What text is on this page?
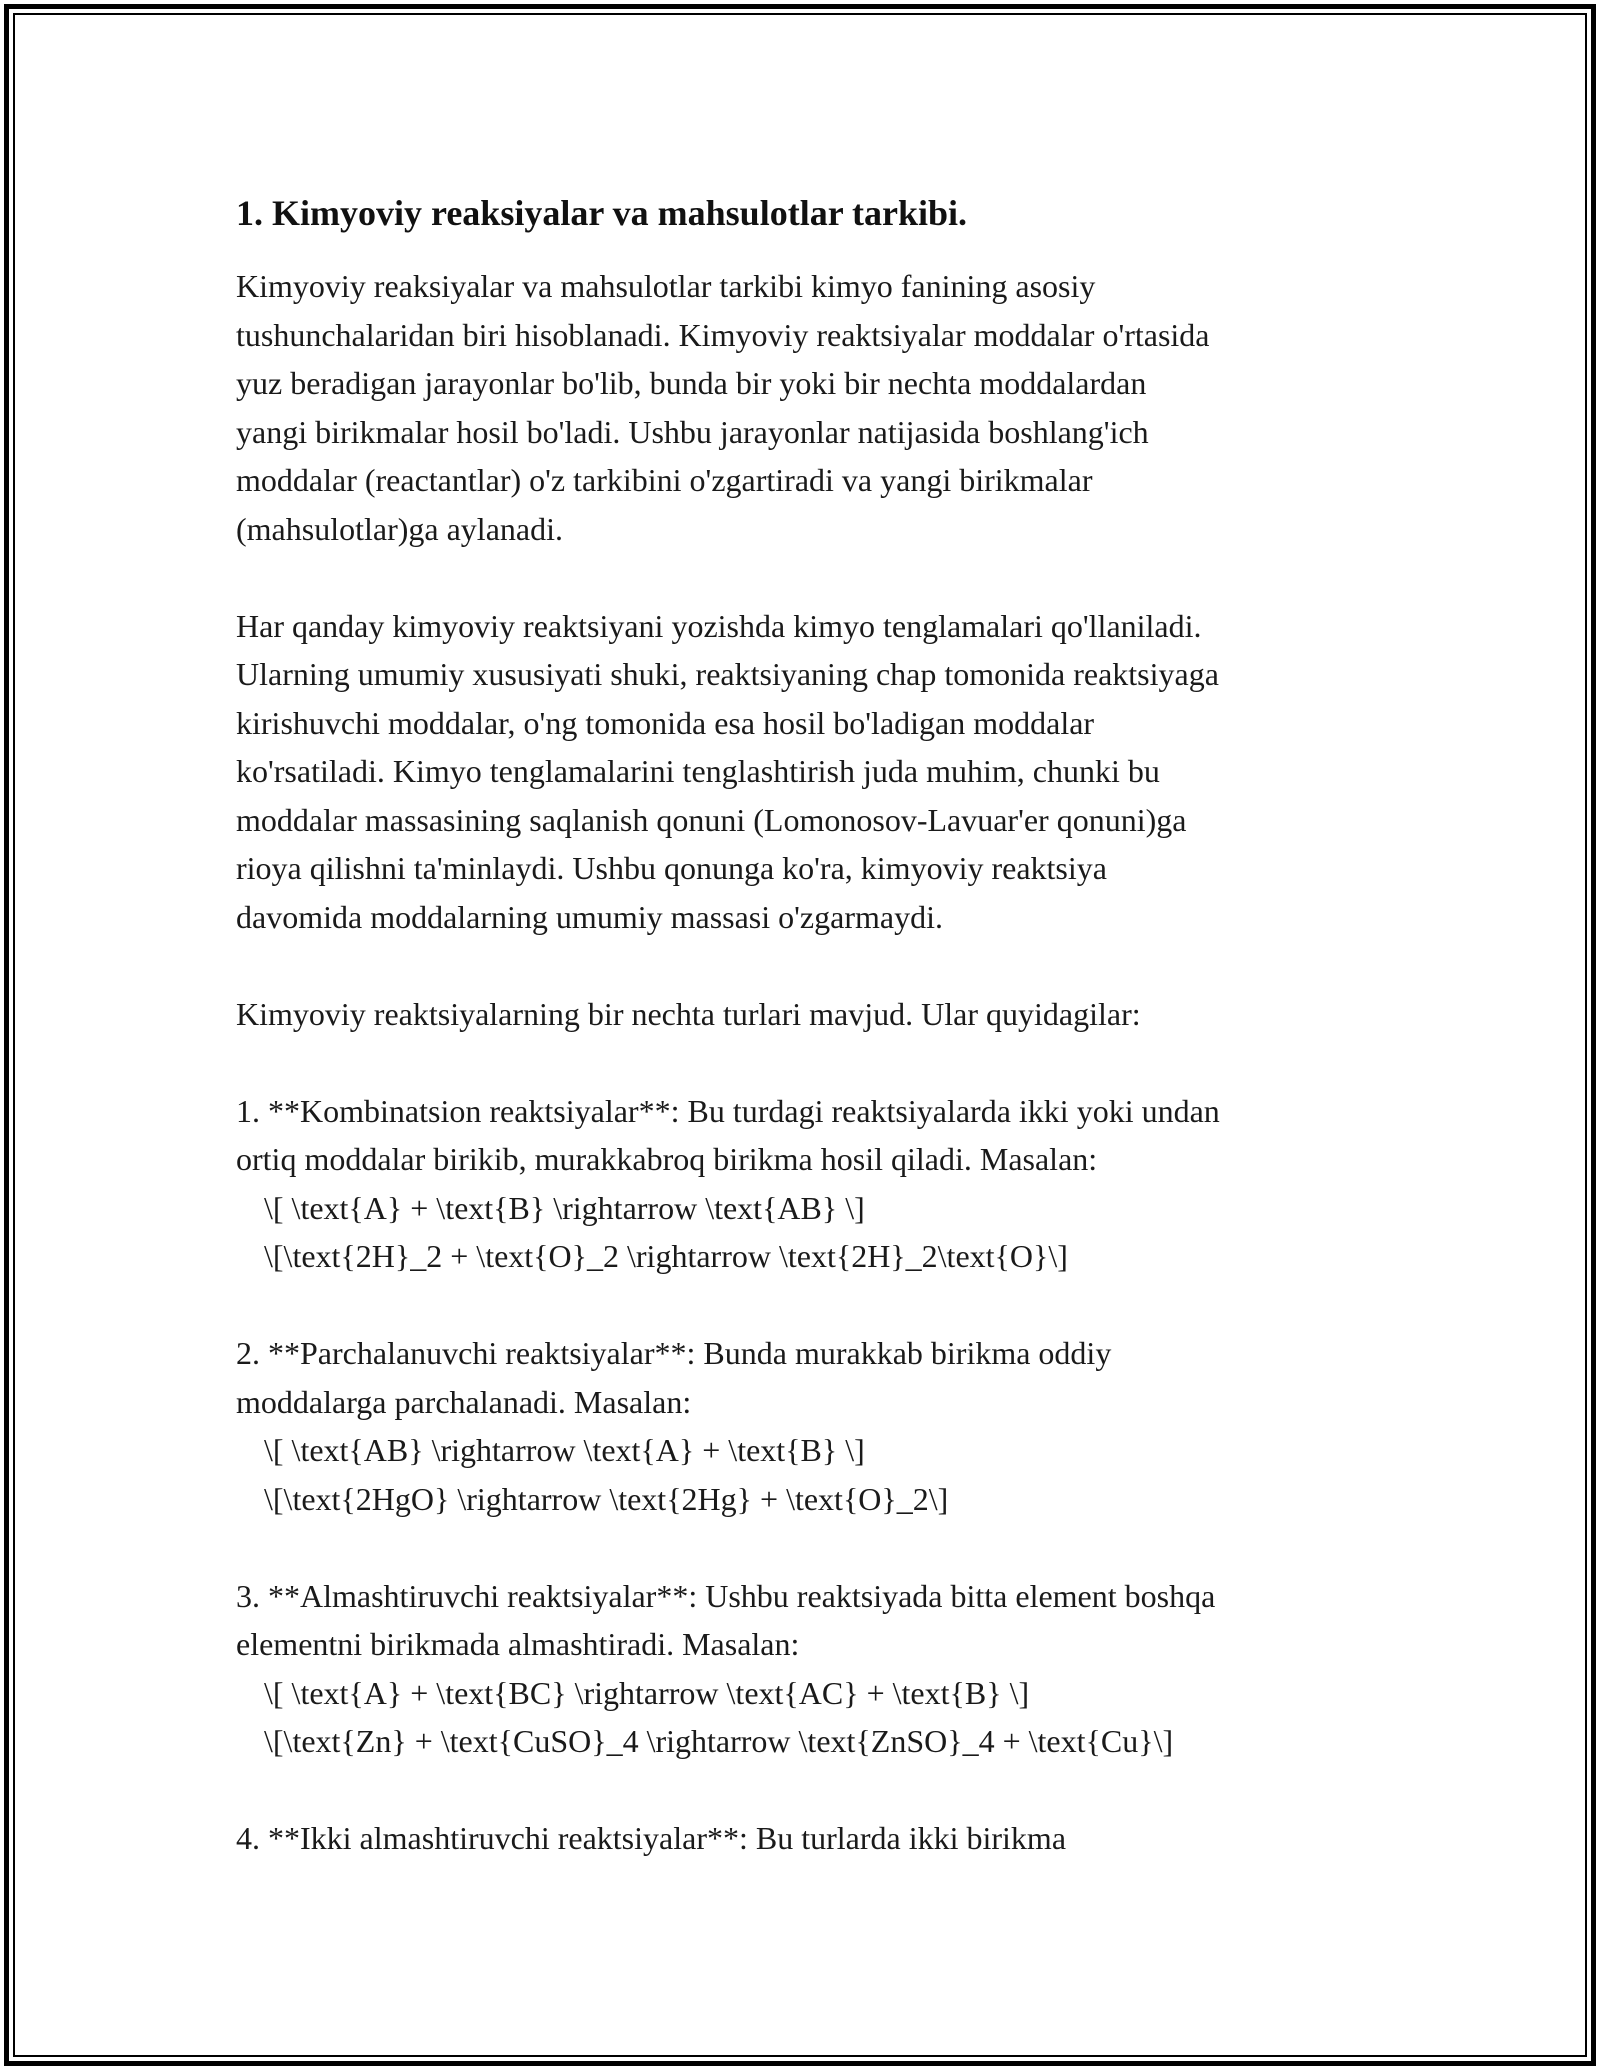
1. Kimyoviy reaksiyalar va mahsulotlar tarkibi.

Kimyoviy reaksiyalar va mahsulotlar tarkibi kimyo fanining asosiy
tushunchalaridan biri hisoblanadi. Kimyoviy reaktsiyalar moddalar o'rtasida
yuz beradigan jarayonlar bo'lib, bunda bir yoki bir nechta moddalardan
yangi birikmalar hosil bo'ladi. Ushbu jarayonlar natijasida boshlang'ich
moddalar (reactantlar) o'z tarkibini o'zgartiradi va yangi birikmalar
(mahsulotlar)ga aylanadi.

Har qanday kimyoviy reaktsiyani yozishda kimyo tenglamalari qo'llaniladi.
Ularning umumiy xususiyati shuki, reaktsiyaning chap tomonida reaktsiyaga
kirishuvchi moddalar, o'ng tomonida esa hosil bo'ladigan moddalar
ko'rsatiladi. Kimyo tenglamalarini tenglashtirish juda muhim, chunki bu
moddalar massasining saqlanish qonuni (Lomonosov-Lavuar'er qonuni)ga
rioya qilishni ta'minlaydi. Ushbu qonunga ko'ra, kimyoviy reaktsiya
davomida moddalarning umumiy massasi o'zgarmaydi.

Kimyoviy reaktsiyalarning bir nechta turlari mavjud. Ular quyidagilar:

1. **Kombinatsion reaktsiyalar**: Bu turdagi reaktsiyalarda ikki yoki undan
ortiq moddalar birikib, murakkabroq birikma hosil qiladi. Masalan:

\[ \text{A} + \text{B} \rightarrow \text{AB} \]

\[\text{2H}_2 + \text{O}_2 \rightarrow \text{2H}_2\text{O}\]

2. **Parchalanuvchi reaktsiyalar**: Bunda murakkab birikma oddiy
moddalarga parchalanadi. Masalan:

\[ \text{AB} \rightarrow \text{A} + \text{B} \]

\[\text{2HgO} \rightarrow \text{2Hg} + \text{O}_2\]

3. **Almashtiruvchi reaktsiyalar**: Ushbu reaktsiyada bitta element boshqa
elementni birikmada almashtiradi. Masalan:

\[ \text{A} + \text{BC} \rightarrow \text{AC} + \text{B} \]

\[\text{Zn} + \text{CuSO}_4 \rightarrow \text{ZnSO}_4 + \text{Cu}\]

4. **Ikki almashtiruvchi reaktsiyalar**: Bu turlarda ikki birikma
